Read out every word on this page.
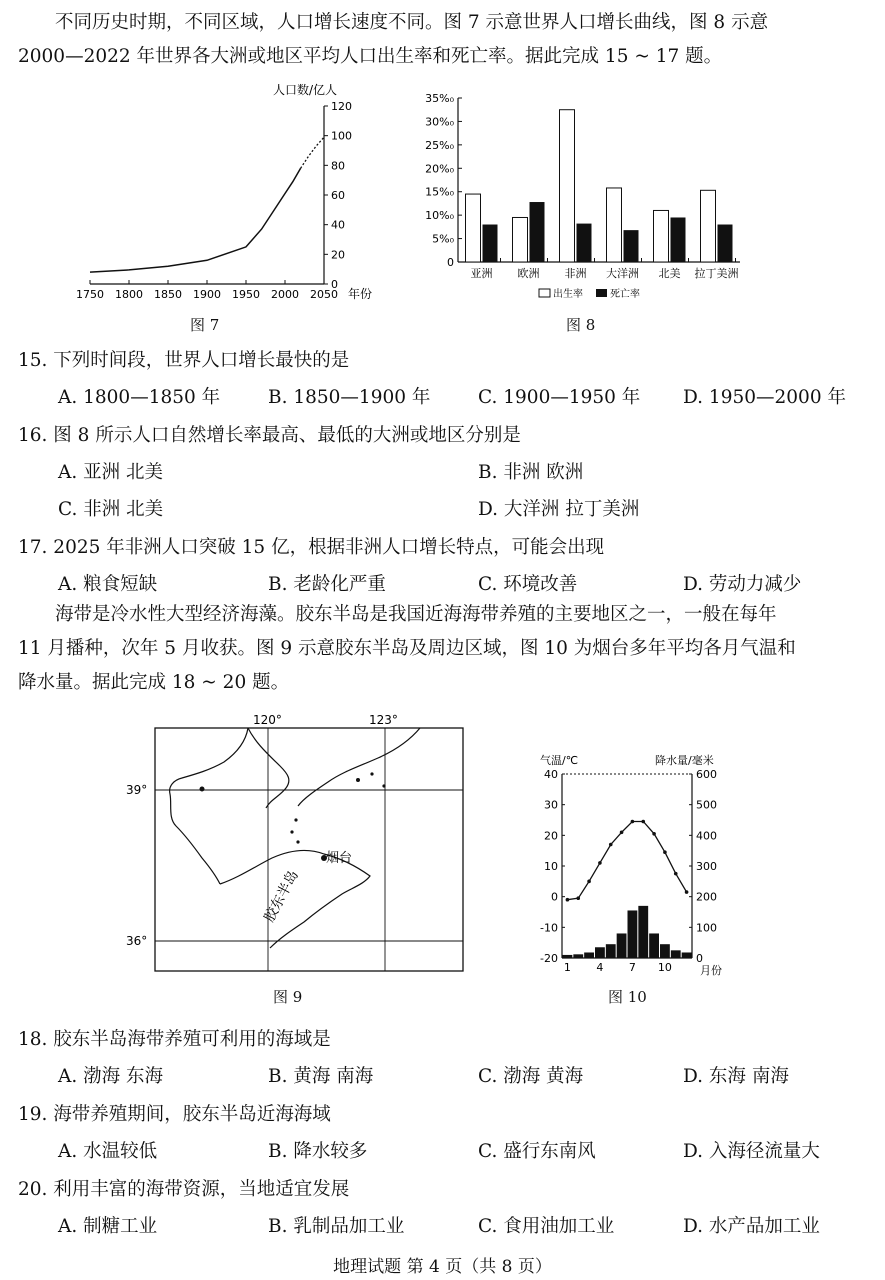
不同历史时期，不同区域，人口增长速度不同。图 7 示意世界人口增长曲线，图 8 示意
2000—2022 年世界各大洲或地区平均人口出生率和死亡率。据此完成 15 ~ 17 题。
人口数/亿人
0
20
40
60
80
100
120
1750 1800 1850 1900 1950 2000 2050 年份
图 7
0
5%₀
10%₀
15%₀
20%₀
25%₀
30%₀
35%₀
亚洲 欧洲 非洲 大洋洲 北美 拉丁美洲
出生率	死亡率
图 8
15. 下列时间段，世界人口增长最快的是
A. 1800—1850 年	B. 1850—1900 年	C. 1900—1950 年 D. 1950—2000 年
16. 图 8 所示人口自然增长率最高、最低的大洲或地区分别是
A. 亚洲 北美	B. 非洲 欧洲
C. 非洲 北美	D. 大洋洲 拉丁美洲
17. 2025 年非洲人口突破 15 亿，根据非洲人口增长特点，可能会出现
A. 粮食短缺	B. 老龄化严重	C. 环境改善	D. 劳动力减少
海带是冷水性大型经济海藻。胶东半岛是我国近海海带养殖的主要地区之一，一般在每年
11 月播种，次年 5 月收获。图 9 示意胶东半岛及周边区域，图 10 为烟台多年平均各月气温和
降水量。据此完成 18 ~ 20 题。
120°	123°
39°
36°
烟台
胶东半岛
图 9
气温/℃	降水量/毫米
-20
-10
0
10
20
30
40
0
100
200
300
400
500
600
1 4 7 10	月份
图 10
18. 胶东半岛海带养殖可利用的海域是
A. 渤海 东海	B. 黄海 南海	C. 渤海 黄海	D. 东海 南海
19. 海带养殖期间，胶东半岛近海海域
A. 水温较低	B. 降水较多	C. 盛行东南风	D. 入海径流量大
20. 利用丰富的海带资源，当地适宜发展
A. 制糖工业	B. 乳制品加工业	C. 食用油加工业	D. 水产品加工业
地理试题 第 4 页（共 8 页）
